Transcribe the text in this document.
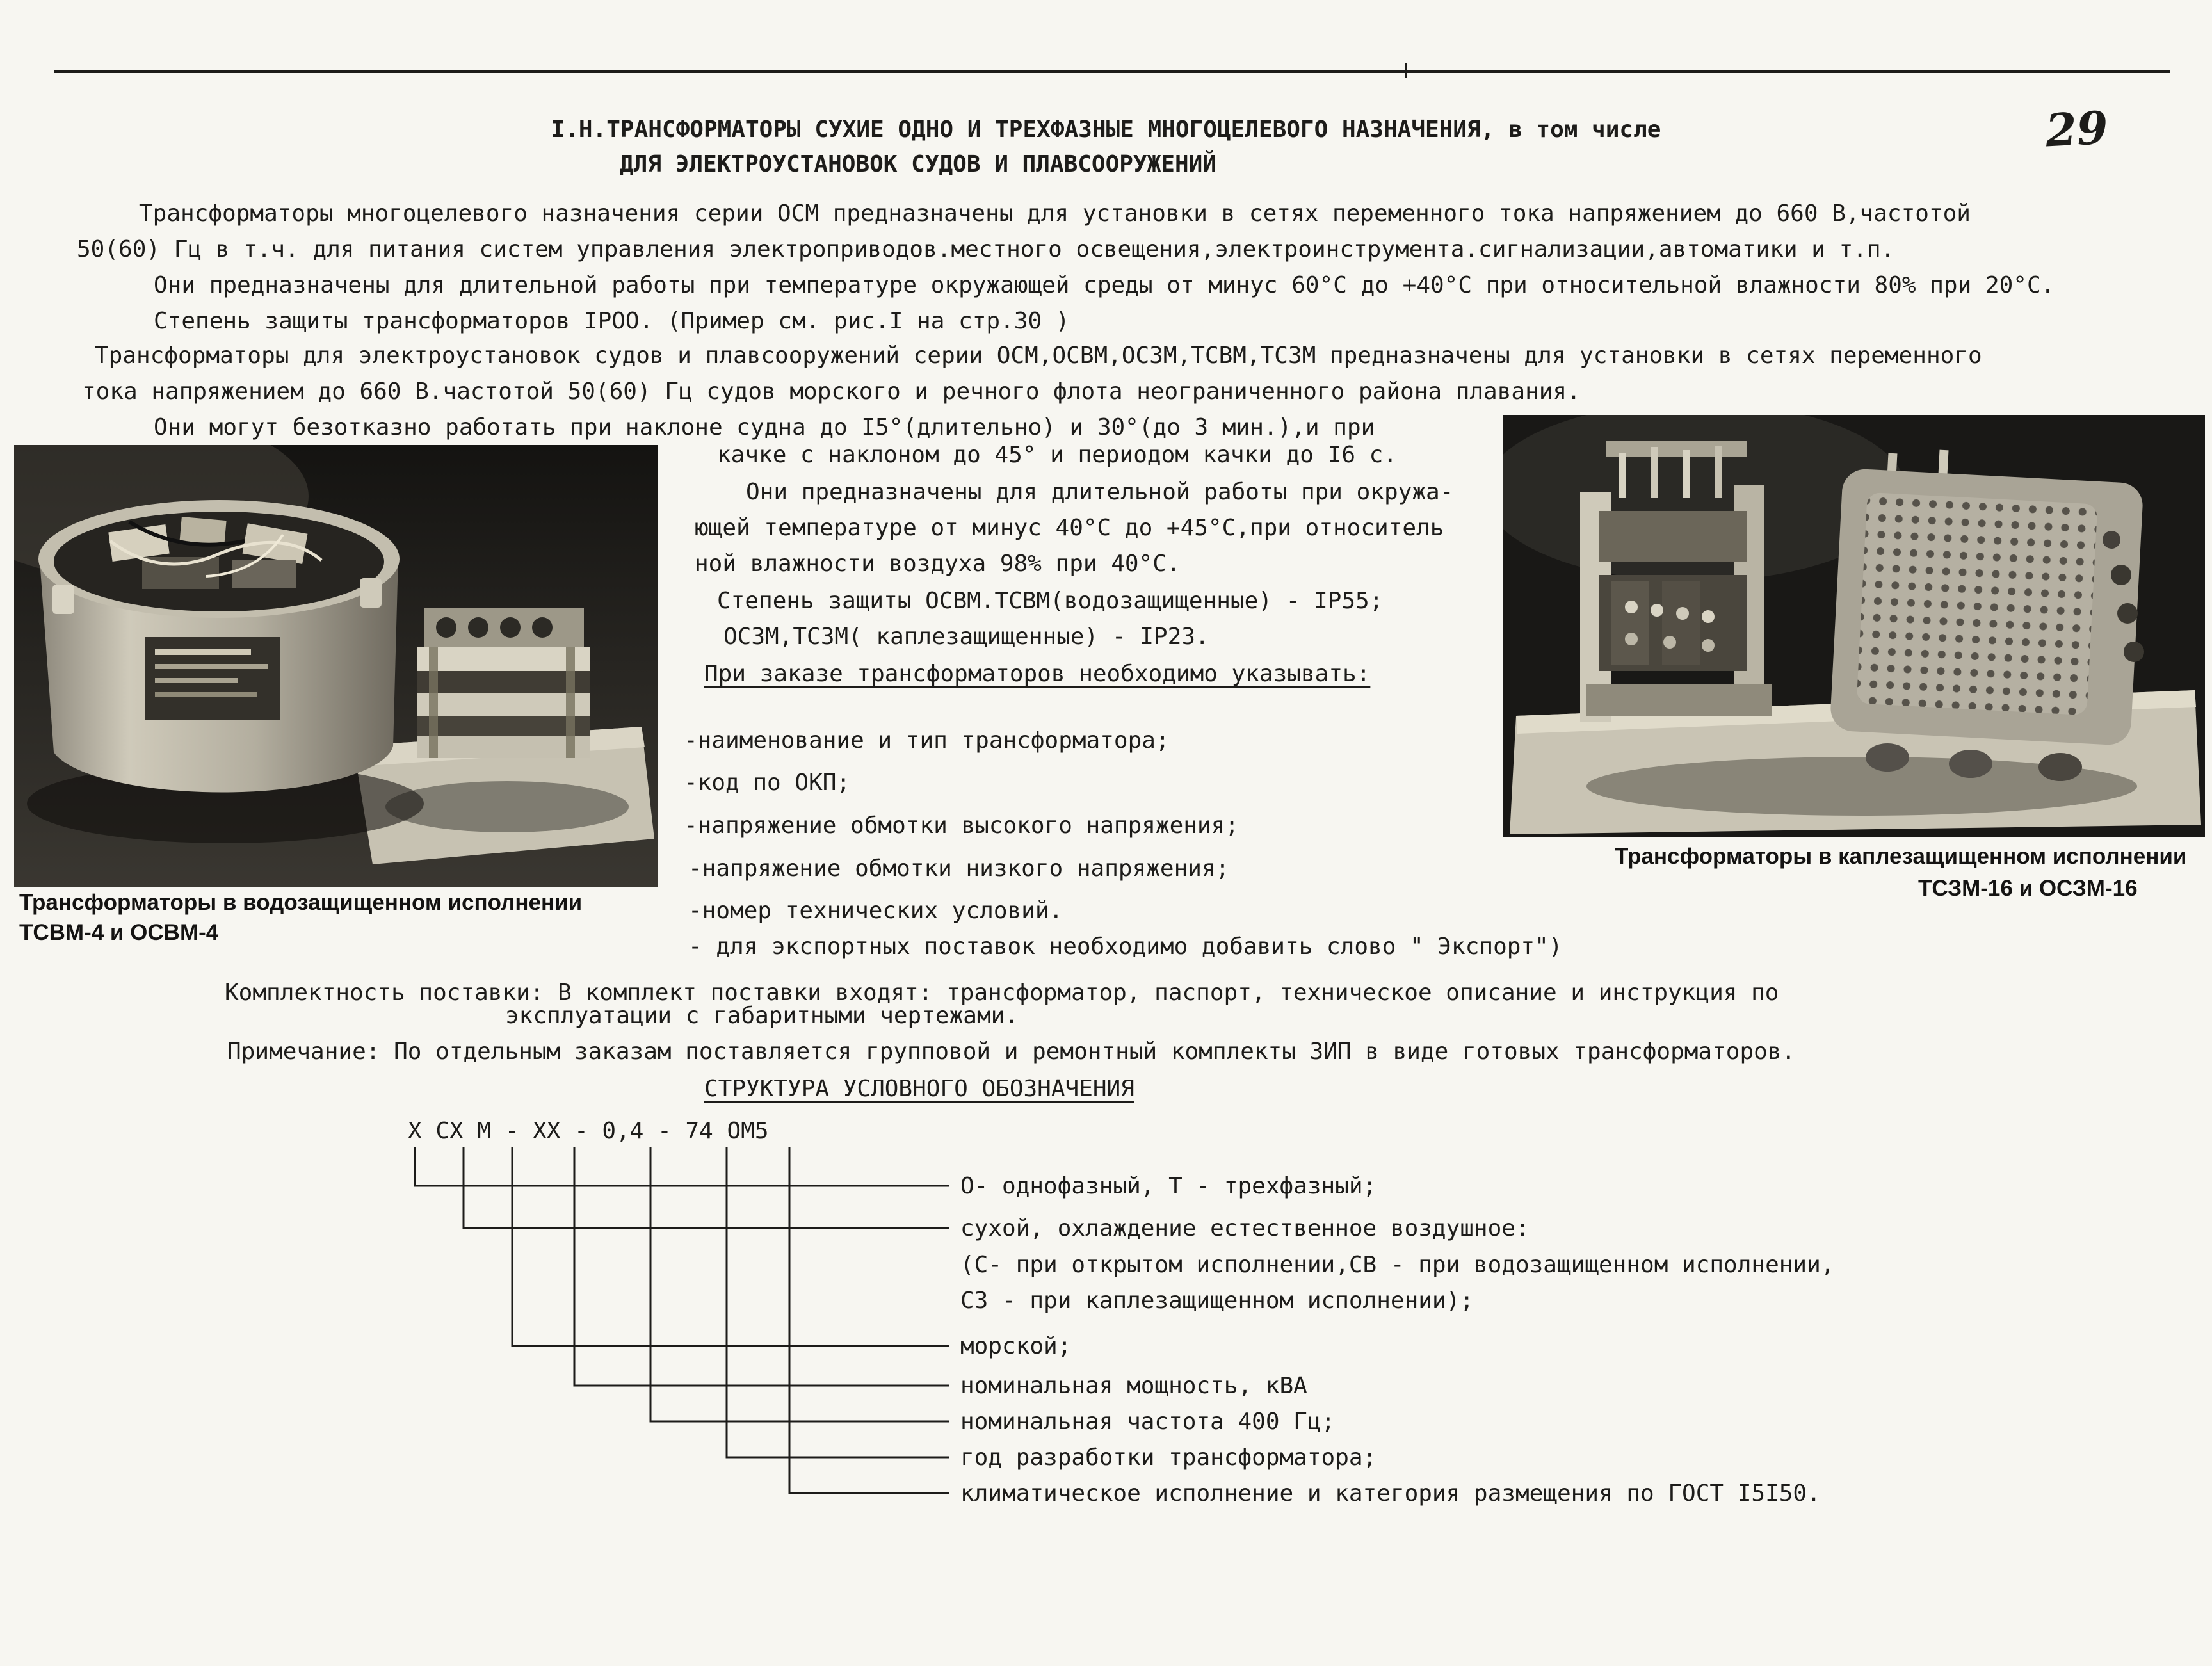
29
I.Н.ТРАНСФОРМАТОРЫ СУХИЕ ОДНО И ТРЕХФАЗНЫЕ МНОГОЦЕЛЕВОГО НАЗНАЧЕНИЯ, в том числе
ДЛЯ ЭЛЕКТРОУСТАНОВОК СУДОВ И ПЛАВСООРУЖЕНИЙ
Трансформаторы многоцелевого назначения серии ОСМ предназначены для установки в сетях переменного тока напряжением до 660 В,частотой
50(60) Гц в т.ч. для питания систем управления электроприводов.местного освещения,электроинструмента.сигнализации,автоматики и т.п.
Они предназначены для длительной работы при температуре окружающей среды от минус 60°С до +40°С при относительной влажности 80% при 20°С.
Степень защиты трансформаторов IРОО. (Пример см. рис.I на стр.30 )
Трансформаторы для электроустановок судов и плавсооружений серии ОСМ,ОСВМ,ОСЗМ,ТСВМ,ТСЗМ предназначены для установки в сетях переменного
тока напряжением до 660 В.частотой 50(60) Гц судов морского и речного флота неограниченного района плавания.
Они могут безотказно работать при наклоне судна до I5°(длительно) и 30°(до 3 мин.),и при
качке с наклоном до 45° и периодом качки до I6 с.
Они предназначены для длительной работы при окружа-
ющей температуре от минус 40°С до +45°С,при относитель
ной влажности воздуха 98% при 40°С.
Степень защиты ОСВМ.ТСВМ(водозащищенные) - IР55;
ОСЗМ,ТСЗМ( каплезащищенные) - IР23.
При заказе трансформаторов необходимо указывать:
-наименование и тип трансформатора;
-код по ОКП;
-напряжение обмотки высокого напряжения;
-напряжение обмотки низкого напряжения;
-номер технических условий.
- для экспортных поставок необходимо добавить слово " Экспорт")
Трансформаторы в водозащищенном исполнении
ТСВМ-4 и ОСВМ-4
Трансформаторы в каплезащищенном исполнении
ТСЗМ-16 и ОСЗМ-16
Комплектность поставки: В комплект поставки входят: трансформатор, паспорт, техническое описание и инструкция по
эксплуатации с габаритными чертежами.
Примечание: По отдельным заказам поставляется групповой и ремонтный комплекты ЗИП в виде готовых трансформаторов.
СТРУКТУРА УСЛОВНОГО ОБОЗНАЧЕНИЯ
Х СХ М - ХХ - 0,4 - 74 ОМ5
О- однофазный, Т - трехфазный;
сухой, охлаждение естественное воздушное:
(С- при открытом исполнении,СВ - при водозащищенном исполнении,
СЗ - при каплезащищенном исполнении);
морской;
номинальная мощность, кВА
номинальная частота 400 Гц;
год разработки трансформатора;
климатическое исполнение и категория размещения по ГОСТ I5I50.
